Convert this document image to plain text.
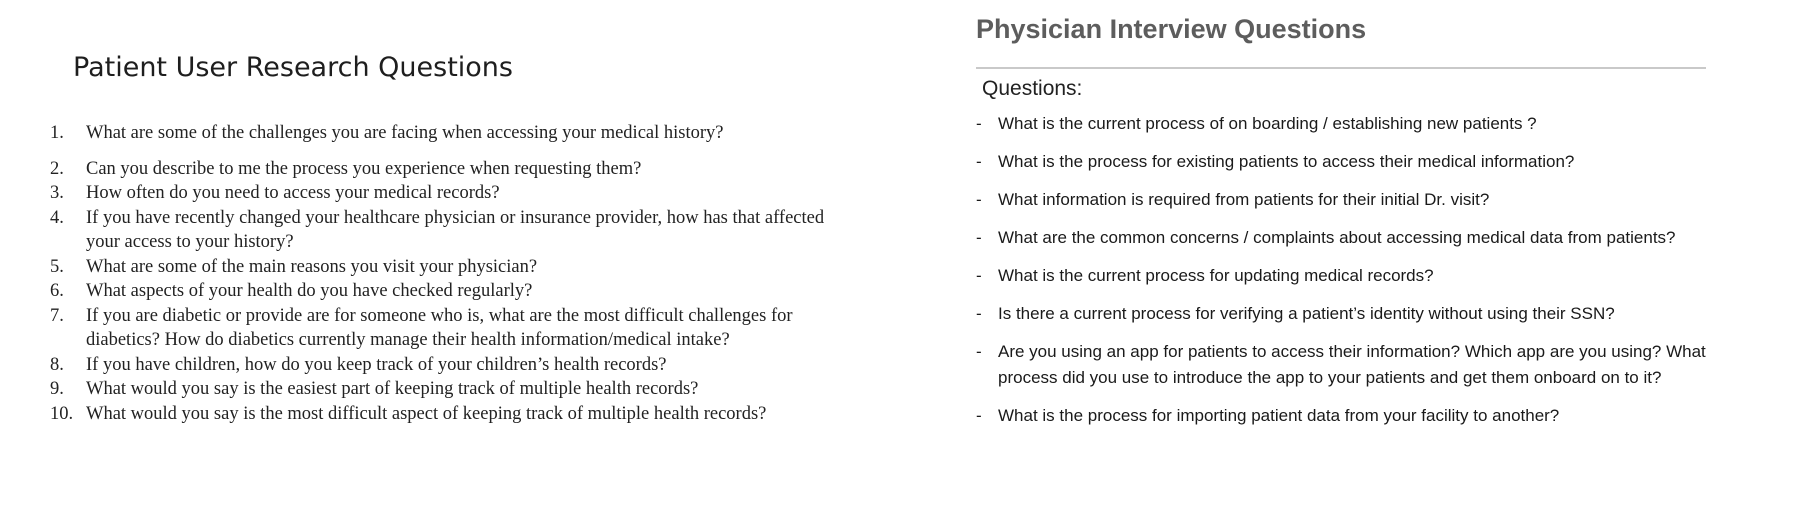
Patient User Research Questions
1.	What are some of the challenges you are facing when accessing your medical history?
2.	Can you describe to me the process you experience when requesting them?
3.	How often do you need to access your medical records?
4.	If you have recently changed your healthcare physician or insurance provider, how has that affected your access to your history?
5.	What are some of the main reasons you visit your physician?
6.	What aspects of your health do you have checked regularly?
7.	If you are diabetic or provide are for someone who is, what are the most difficult challenges for diabetics? How do diabetics currently manage their health information/medical intake?
8.	If you have children, how do you keep track of your children’s health records?
9.	What would you say is the easiest part of keeping track of multiple health records?
10. What would you say is the most difficult aspect of keeping track of multiple health records?
Physician Interview Questions
Questions:
- What is the current process of on boarding / establishing new patients ?
- What is the process for existing patients to access their medical information?
- What information is required from patients for their initial Dr. visit?
- What are the common concerns / complaints about accessing medical data from patients?
- What is the current process for updating medical records?
- Is there a current process for verifying a patient’s identity without using their SSN?
- Are you using an app for patients to access their information? Which app are you using? What process did you use to introduce the app to your patients and get them onboard on to it?
- What is the process for importing patient data from your facility to another?
